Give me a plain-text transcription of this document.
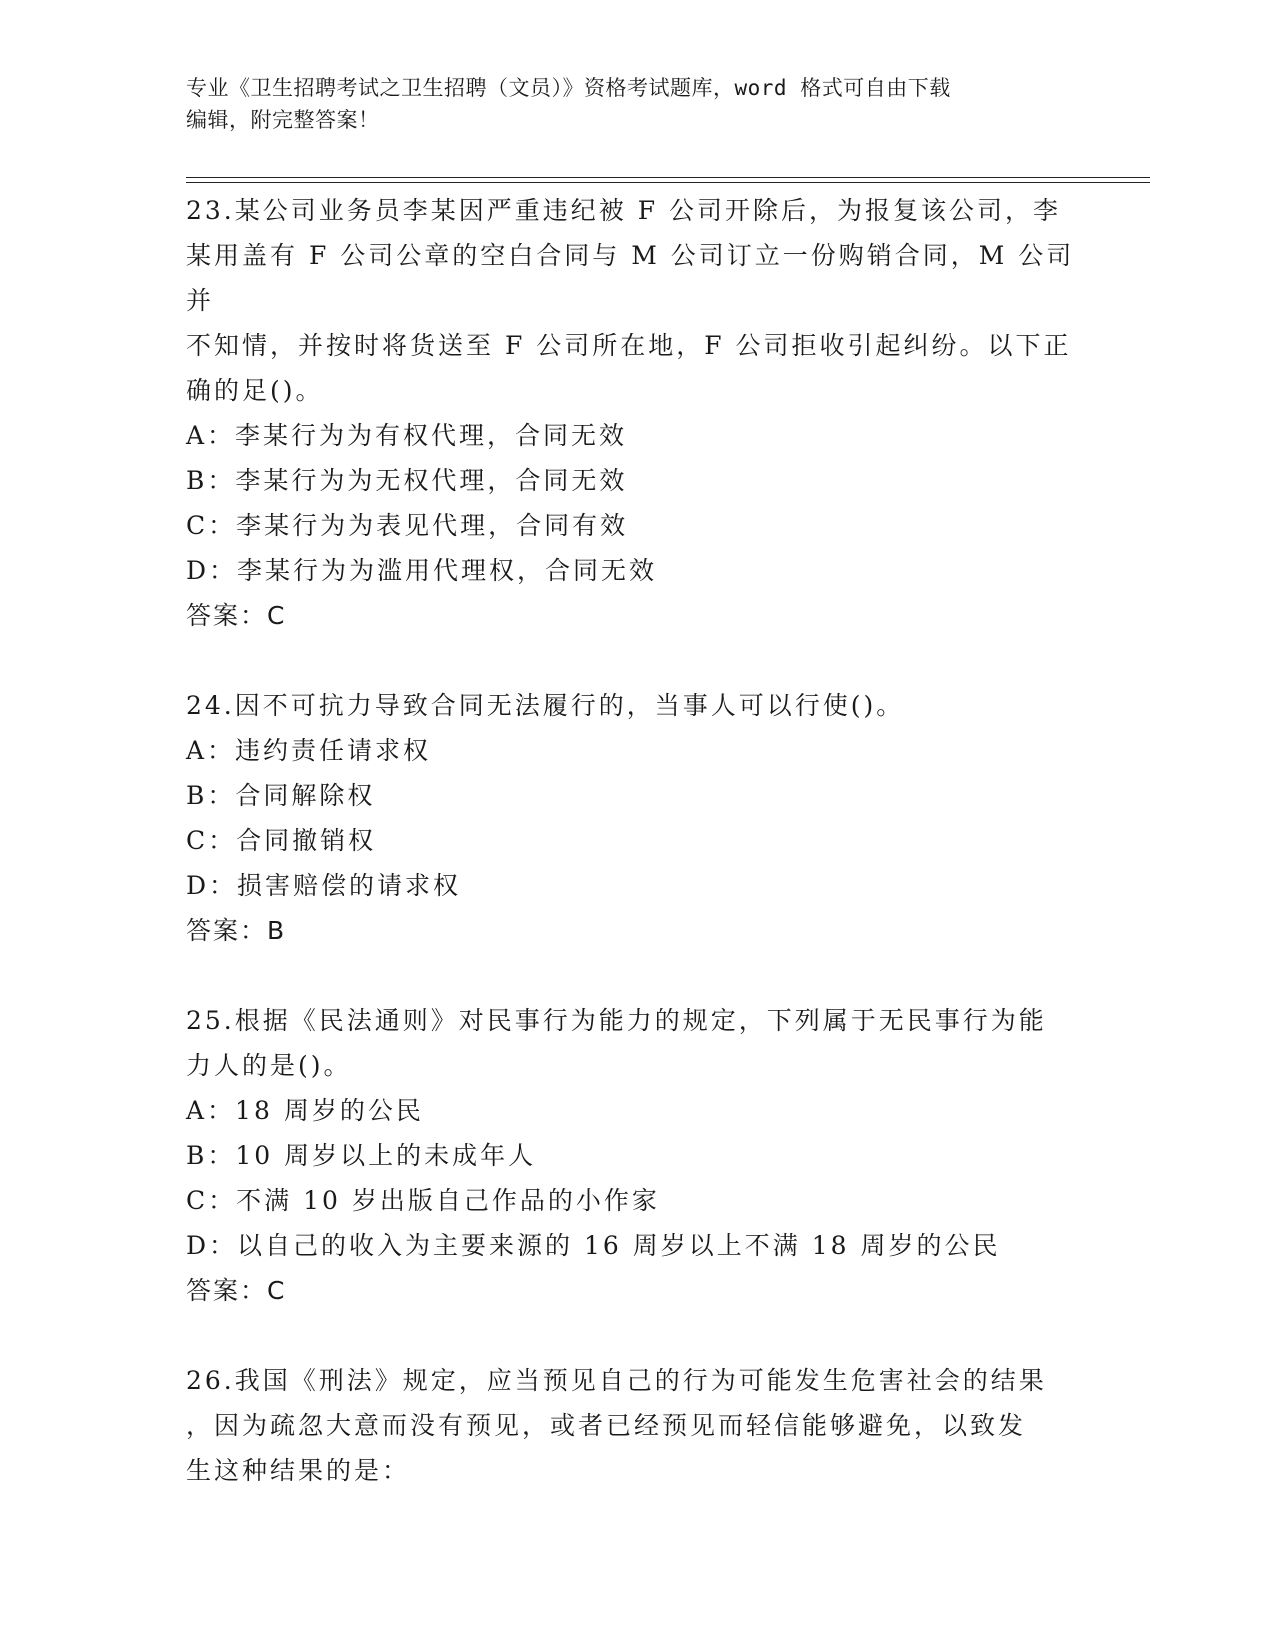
专业《卫生招聘考试之卫生招聘（文员）》资格考试题库，word 格式可自由下载
编辑，附完整答案！
23.某公司业务员李某因严重违纪被 F 公司开除后，为报复该公司，李
某用盖有 F 公司公章的空白合同与 M 公司订立一份购销合同，M 公司并
不知情，并按时将货送至 F 公司所在地，F 公司拒收引起纠纷。以下正
确的足()。
A：李某行为为有权代理，合同无效
B：李某行为为无权代理，合同无效
C：李某行为为表见代理，合同有效
D：李某行为为滥用代理权，合同无效
答案：C
24.因不可抗力导致合同无法履行的，当事人可以行使()。
A：违约责任请求权
B：合同解除权
C：合同撤销权
D：损害赔偿的请求权
答案：B
25.根据《民法通则》对民事行为能力的规定，下列属于无民事行为能
力人的是()。
A：18 周岁的公民
B：10 周岁以上的未成年人
C：不满 10 岁出版自己作品的小作家
D：以自己的收入为主要来源的 16 周岁以上不满 18 周岁的公民
答案：C
26.我国《刑法》规定，应当预见自己的行为可能发生危害社会的结果
，因为疏忽大意而没有预见，或者已经预见而轻信能够避免，以致发
生这种结果的是：
